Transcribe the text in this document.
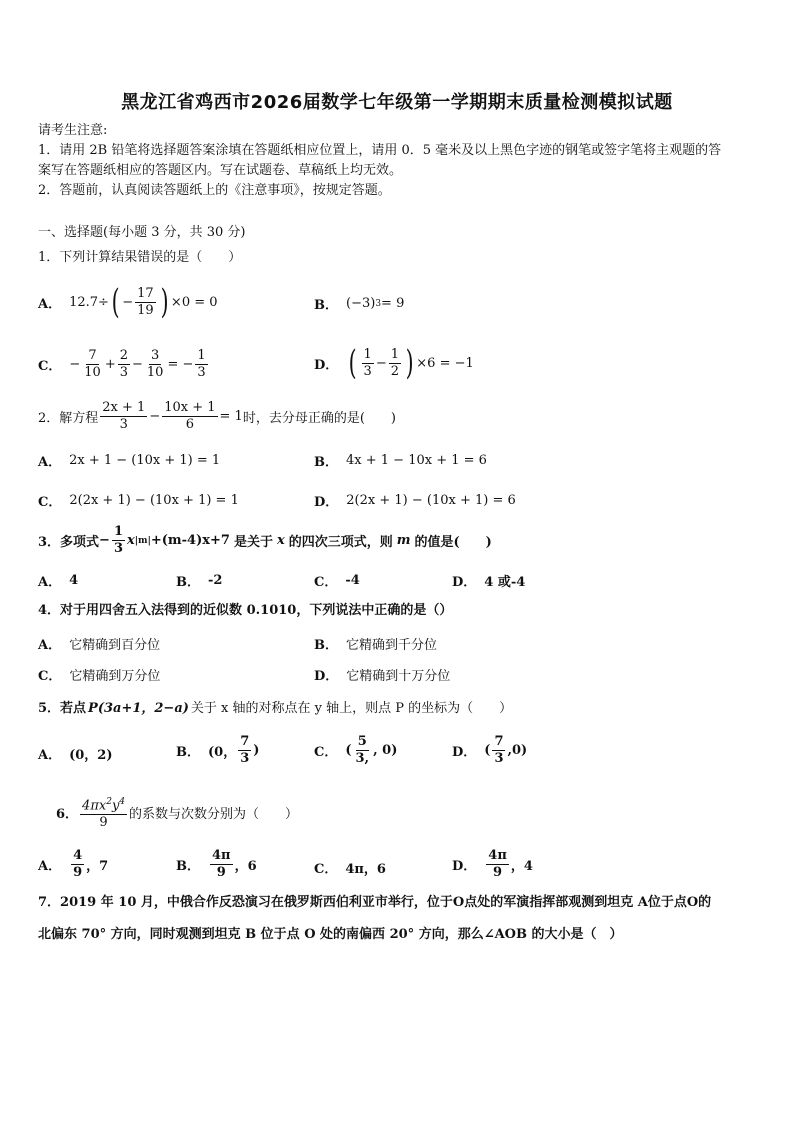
黑龙江省鸡西市2026届数学七年级第一学期期末质量检测模拟试题
请考生注意:
1．请用 2B 铅笔将选择题答案涂填在答题纸相应位置上，请用 0．5 毫米及以上黑色字迹的钢笔或签字笔将主观题的答
案写在答题纸相应的答题区内。写在试题卷、草稿纸上均无效。
2．答题前，认真阅读答题纸上的《注意事项》，按规定答题。
一、选择题(每小题 3 分，共 30 分)
1．下列计算结果错误的是（　　）
A． 12.7÷ ( − $\frac{17}{19}$ ) ×0 = 0	B． (−3) 3 = 9
C． − $\frac{7}{10} + \frac{2}{3} - \frac{3}{10}$ = − $\frac{1}{3}$	D． ( $\frac{1}{3} - \frac{1}{2}$ ) ×6 = −1
2．解方程 $\frac{2x + 1}{3} - \frac{10x + 1}{6} = 1$ 时，去分母正确的是(　　)
A． 2x + 1 − (10x + 1) = 1	B． 4x + 1 − 10x + 1 = 6
C． 2(2x + 1) − (10x + 1) = 1	D． 2(2x + 1) − (10x + 1) = 6
3．多项式 − $\frac{1}{3}$ x |m| +(m-4)x+7 是关于 x 的四次三项式，则 m 的值是(　　)
A． 4	B． -2	C． -4	D． 4 或-4
4．对于用四舍五入法得到的近似数 0.1010，下列说法中正确的是（）
A． 它精确到百分位	B． 它精确到千分位
C． 它精确到万分位	D． 它精确到十万分位
5．若点 P(3a+1，2−a) 关于 x 轴的对称点在 y 轴上，则点 P 的坐标为（　　）
A． (0，2)	B． (0， $\frac{7}{3}$ )	C． ( $\frac{5}{3,}$ , 0)	D． ( $\frac{7}{3} ,0$)
6． $\frac{4\pi x^2y^4}{9}$ 的系数与次数分别为（　　）
A． $\frac{4}{9}$ ，7	B． $\frac{4\pi}{9}$ ，6	C． 4π，6	D． $\frac{4\pi}{9}$ ，4
7．2019 年 10 月，中俄合作反恐演习在俄罗斯西伯利亚市举行，位于O点处的军演指挥部观测到坦克 A位于点O的
北偏东 70° 方向，同时观测到坦克 B 位于点 O 处的南偏西 20° 方向，那么∠AOB 的大小是（　）
